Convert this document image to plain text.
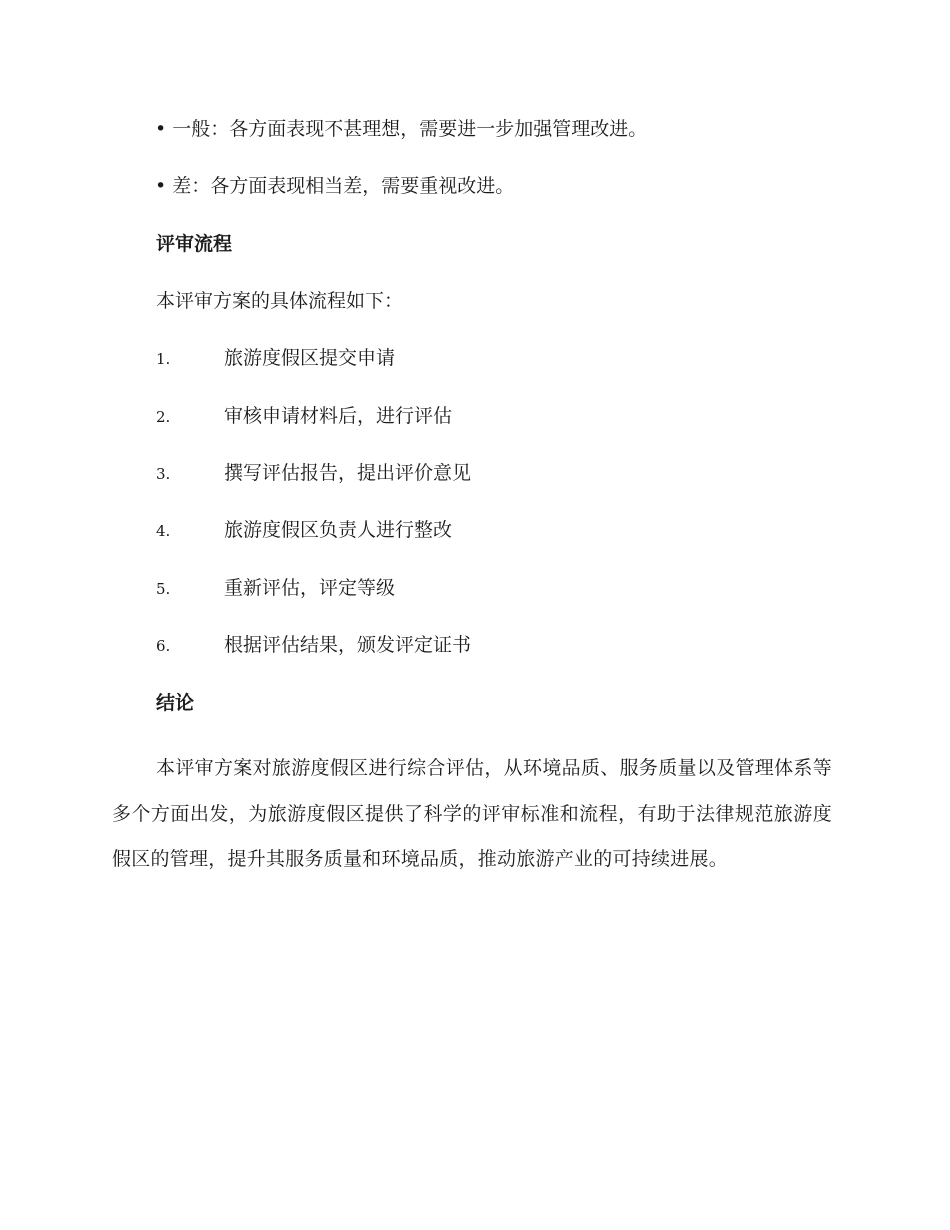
• 一般：各方面表现不甚理想，需要进一步加强管理改进。
• 差：各方面表现相当差，需要重视改进。
评审流程
本评审方案的具体流程如下：
1.	旅游度假区提交申请
2.	审核申请材料后，进行评估
3.	撰写评估报告，提出评价意见
4.	旅游度假区负责人进行整改
5.	重新评估，评定等级
6.	根据评估结果，颁发评定证书
结论

本评审方案对旅游度假区进行综合评估，从环境品质、服务质量以及管理体系等多个方面出发，为旅游度假区提供了科学的评审标准和流程，有助于法律规范旅游度假区的管理，提升其服务质量和环境品质，推动旅游产业的可持续进展。
